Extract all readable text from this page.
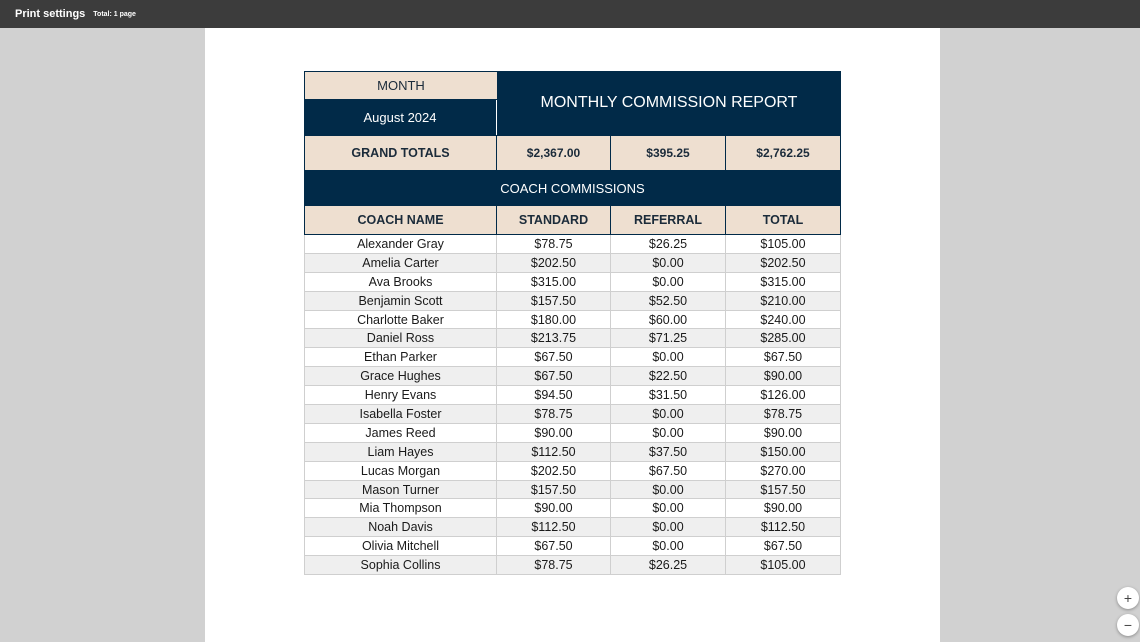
Print settings Total: 1 page
MONTH
August 2024
MONTHLY COMMISSION REPORT
GRAND TOTALS	$2,367.00	$395.25	$2,762.25
COACH COMMISSIONS
COACH NAME	STANDARD	REFERRAL	TOTAL
Alexander Gray	$78.75	$26.25	$105.00
Amelia Carter	$202.50	$0.00	$202.50
Ava Brooks	$315.00	$0.00	$315.00
Benjamin Scott	$157.50	$52.50	$210.00
Charlotte Baker	$180.00	$60.00	$240.00
Daniel Ross	$213.75	$71.25	$285.00
Ethan Parker	$67.50	$0.00	$67.50
Grace Hughes	$67.50	$22.50	$90.00
Henry Evans	$94.50	$31.50	$126.00
Isabella Foster	$78.75	$0.00	$78.75
James Reed	$90.00	$0.00	$90.00
Liam Hayes	$112.50	$37.50	$150.00
Lucas Morgan	$202.50	$67.50	$270.00
Mason Turner	$157.50	$0.00	$157.50
Mia Thompson	$90.00	$0.00	$90.00
Noah Davis	$112.50	$0.00	$112.50
Olivia Mitchell	$67.50	$0.00	$67.50
Sophia Collins	$78.75	$26.25	$105.00
+
−
